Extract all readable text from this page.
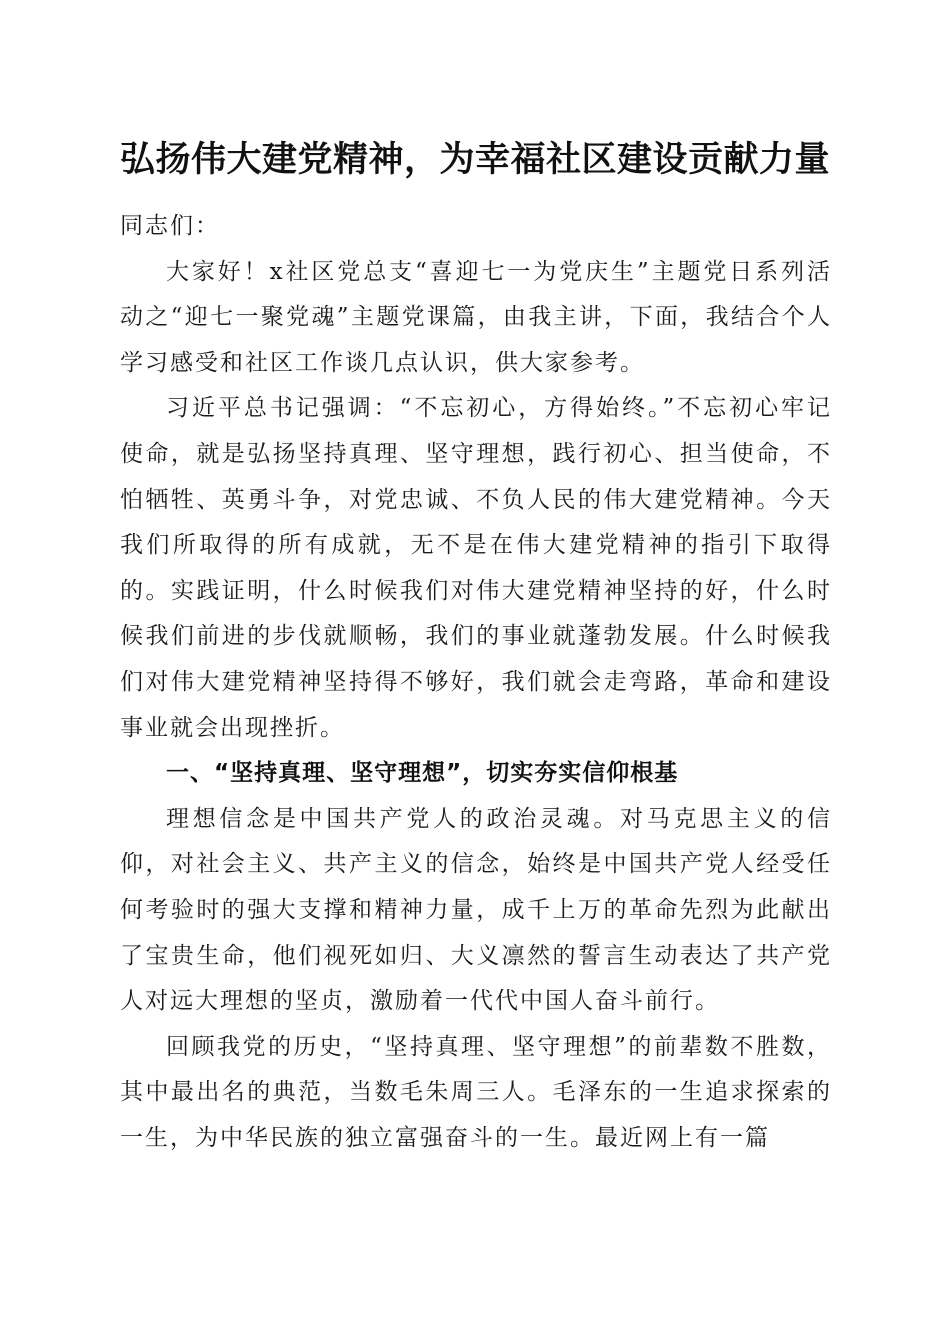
弘扬伟大建党精神，为幸福社区建设贡献力量

同志们：

大家好！x社区党总支“喜迎七一为党庆生”主题党日系列活动之“迎七一聚党魂”主题党课篇，由我主讲，下面，我结合个人学习感受和社区工作谈几点认识，供大家参考。

习近平总书记强调：“不忘初心，方得始终。”不忘初心牢记使命，就是弘扬坚持真理、坚守理想，践行初心、担当使命，不怕牺牲、英勇斗争，对党忠诚、不负人民的伟大建党精神。今天我们所取得的所有成就，无不是在伟大建党精神的指引下取得的。实践证明，什么时候我们对伟大建党精神坚持的好，什么时候我们前进的步伐就顺畅，我们的事业就蓬勃发展。什么时候我们对伟大建党精神坚持得不够好，我们就会走弯路，革命和建设事业就会出现挫折。

一、“坚持真理、坚守理想”，切实夯实信仰根基

理想信念是中国共产党人的政治灵魂。对马克思主义的信仰，对社会主义、共产主义的信念，始终是中国共产党人经受任何考验时的强大支撑和精神力量，成千上万的革命先烈为此献出了宝贵生命，他们视死如归、大义凛然的誓言生动表达了共产党人对远大理想的坚贞，激励着一代代中国人奋斗前行。

回顾我党的历史，“坚持真理、坚守理想”的前辈数不胜数，其中最出名的典范，当数毛朱周三人。毛泽东的一生追求探索的一生，为中华民族的独立富强奋斗的一生。最近网上有一篇
